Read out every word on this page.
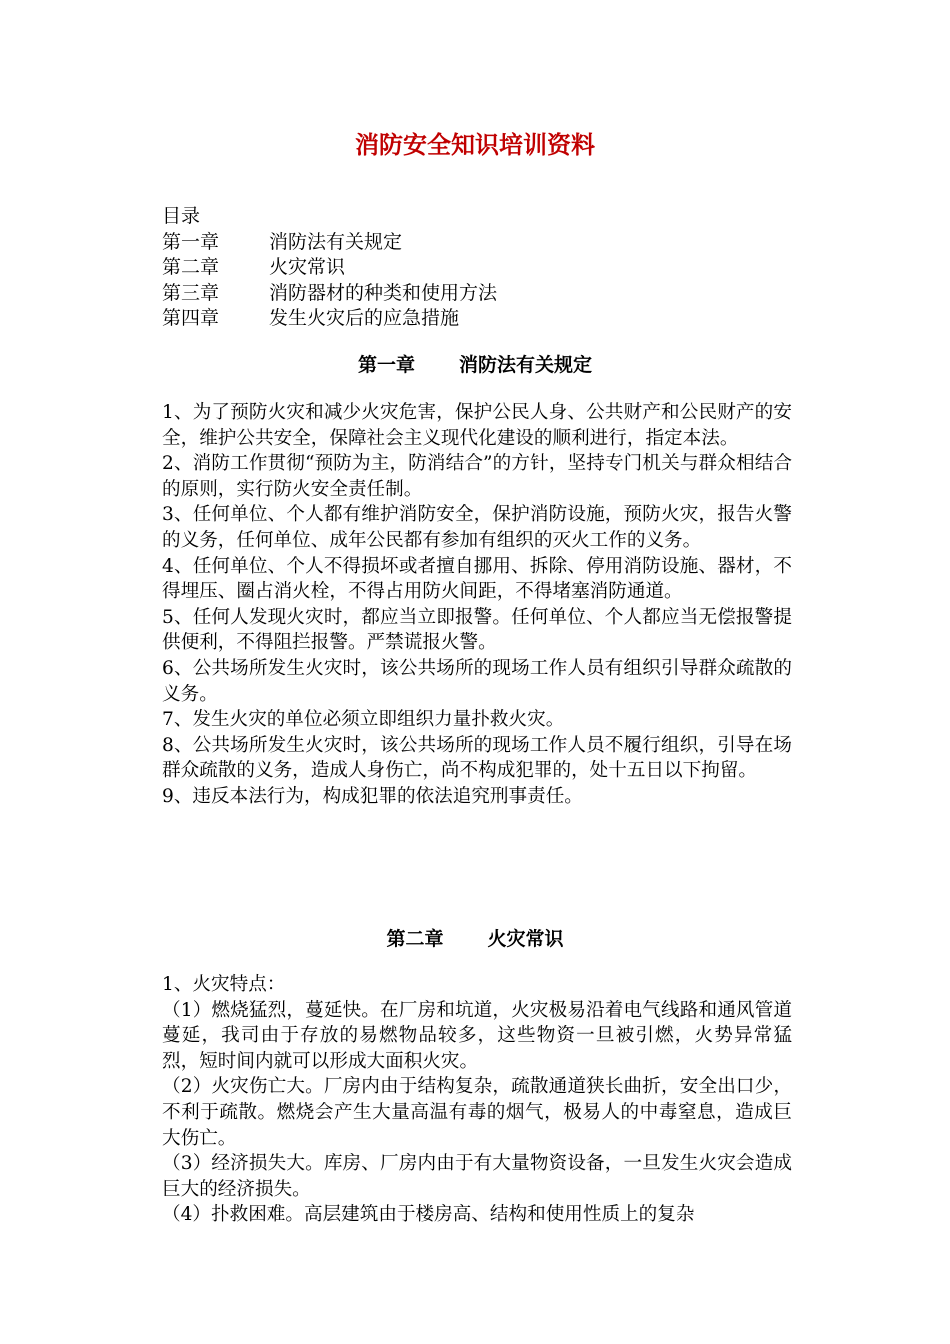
消防安全知识培训资料
目录
第一章	消防法有关规定
第二章	火灾常识
第三章	消防器材的种类和使用方法
第四章	发生火灾后的应急措施
第一章 消防法有关规定

1、为了预防火灾和减少火灾危害，保护公民人身、公共财产和公民财产的安全，维护公共安全，保障社会主义现代化建设的顺利进行，指定本法。

2、消防工作贯彻“预防为主，防消结合”的方针，坚持专门机关与群众相结合的原则，实行防火安全责任制。

3、任何单位、个人都有维护消防安全，保护消防设施，预防火灾，报告火警的义务，任何单位、成年公民都有参加有组织的灭火工作的义务。

4、任何单位、个人不得损坏或者擅自挪用、拆除、停用消防设施、器材，不得埋压、圈占消火栓，不得占用防火间距，不得堵塞消防通道。

5、任何人发现火灾时，都应当立即报警。任何单位、个人都应当无偿报警提供便利，不得阻拦报警。严禁谎报火警。

6、公共场所发生火灾时，该公共场所的现场工作人员有组织引导群众疏散的义务。

7、发生火灾的单位必须立即组织力量扑救火灾。

8、公共场所发生火灾时，该公共场所的现场工作人员不履行组织，引导在场群众疏散的义务，造成人身伤亡，尚不构成犯罪的，处十五日以下拘留。

9、违反本法行为，构成犯罪的依法追究刑事责任。

第二章 火灾常识

1、火灾特点：

（1）燃烧猛烈，蔓延快。在厂房和坑道，火灾极易沿着电气线路和通风管道蔓延，我司由于存放的易燃物品较多，这些物资一旦被引燃，火势异常猛烈，短时间内就可以形成大面积火灾。

（2）火灾伤亡大。厂房内由于结构复杂，疏散通道狭长曲折，安全出口少，不利于疏散。燃烧会产生大量高温有毒的烟气，极易人的中毒窒息，造成巨大伤亡。

（3）经济损失大。库房、厂房内由于有大量物资设备，一旦发生火灾会造成巨大的经济损失。

（4）扑救困难。高层建筑由于楼房高、结构和使用性质上的复杂
